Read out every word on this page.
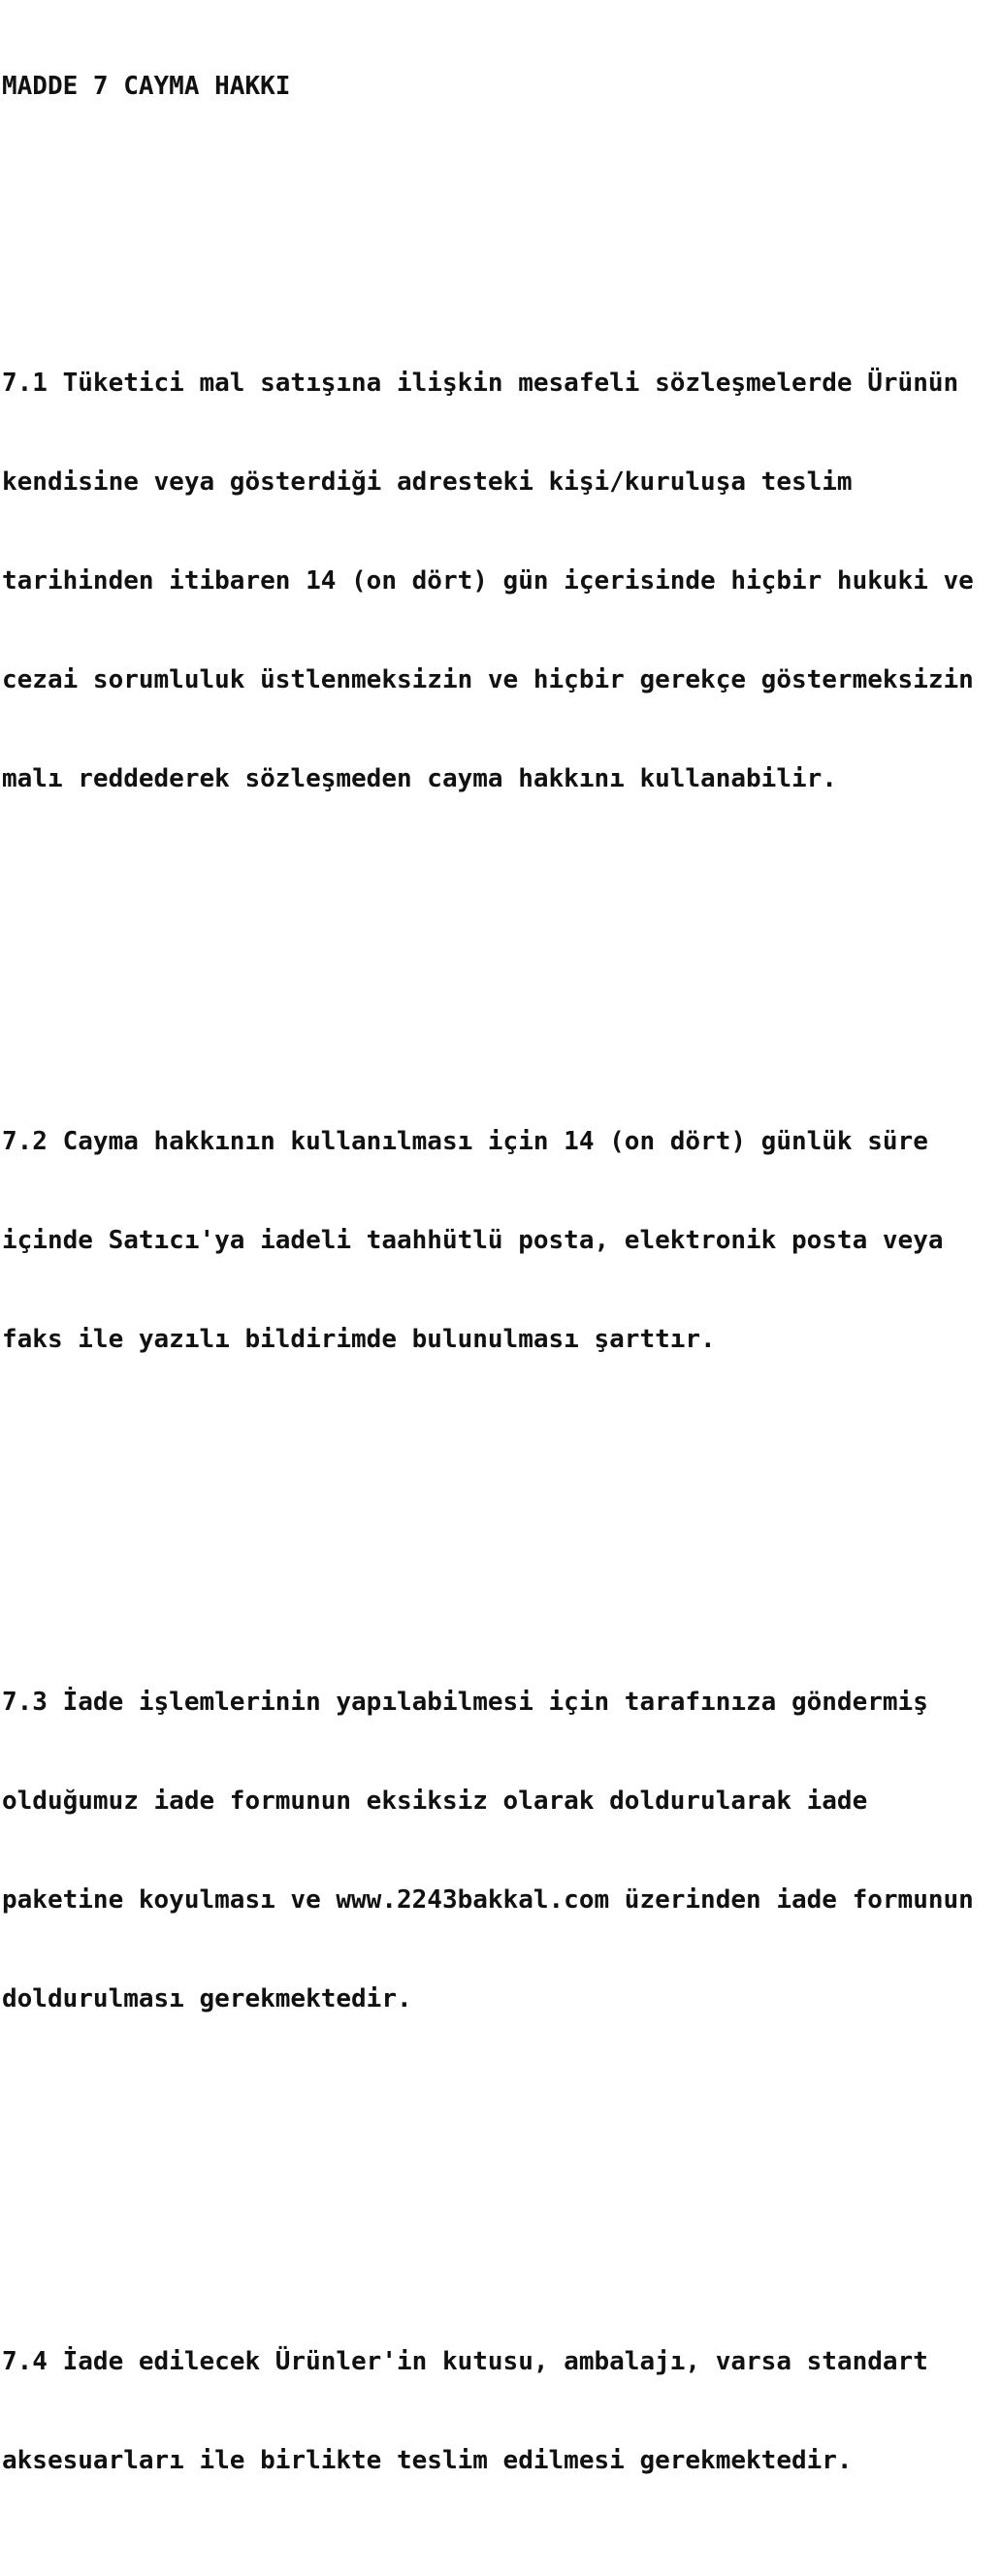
MADDE 7 CAYMA HAKKI

7.1 Tüketici mal satışına ilişkin mesafeli sözleşmelerde Ürünün

kendisine veya gösterdiği adresteki kişi/kuruluşa teslim

tarihinden itibaren 14 (on dört) gün içerisinde hiçbir hukuki ve

cezai sorumluluk üstlenmeksizin ve hiçbir gerekçe göstermeksizin

malı reddederek sözleşmeden cayma hakkını kullanabilir.

7.2 Cayma hakkının kullanılması için 14 (on dört) günlük süre

içinde Satıcı'ya iadeli taahhütlü posta, elektronik posta veya

faks ile yazılı bildirimde bulunulması şarttır.

7.3 İade işlemlerinin yapılabilmesi için tarafınıza göndermiş

olduğumuz iade formunun eksiksiz olarak doldurularak iade

paketine koyulması ve www.2243bakkal.com üzerinden iade formunun

doldurulması gerekmektedir.

7.4 İade edilecek Ürünler'in kutusu, ambalajı, varsa standart

aksesuarları ile birlikte teslim edilmesi gerekmektedir.
